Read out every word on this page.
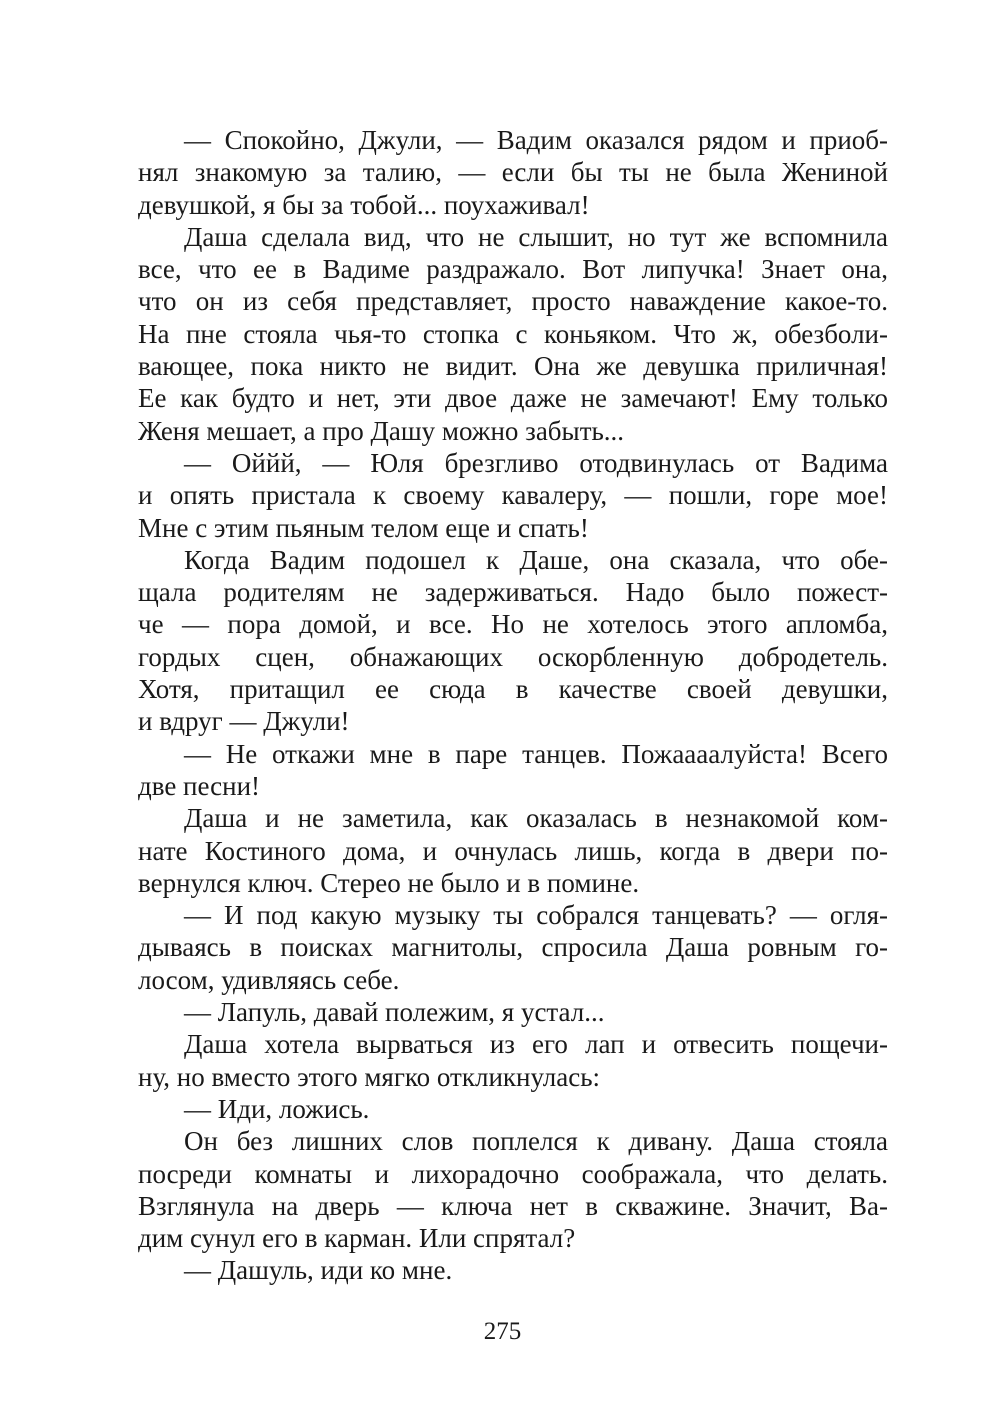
— Спокойно, Джули, — Вадим оказался рядом и приоб-
нял знакомую за талию, — если бы ты не была Жениной
девушкой, я бы за тобой... поухаживал!

Даша сделала вид, что не слышит, но тут же вспомнила
все, что ее в Вадиме раздражало. Вот липучка! Знает она,
что он из себя представляет, просто наваждение какое-то.
На пне стояла чья-то стопка с коньяком. Что ж, обезболи-
вающее, пока никто не видит. Она же девушка приличная!
Ее как будто и нет, эти двое даже не замечают! Ему только
Женя мешает, а про Дашу можно забыть...

— Оййй, — Юля брезгливо отодвинулась от Вадима
и опять пристала к своему кавалеру, — пошли, горе мое!
Мне с этим пьяным телом еще и спать!

Когда Вадим подошел к Даше, она сказала, что обе-
щала родителям не задерживаться. Надо было пожест-
че — пора домой, и все. Но не хотелось этого апломба,
гордых сцен, обнажающих оскорбленную добродетель.
Хотя, притащил ее сюда в качестве своей девушки,
и вдруг — Джули!

— Не откажи мне в паре танцев. Пожаааалуйста! Всего
две песни!

Даша и не заметила, как оказалась в незнакомой ком-
нате Костиного дома, и очнулась лишь, когда в двери по-
вернулся ключ. Стерео не было и в помине.

— И под какую музыку ты собрался танцевать? — огля-
дываясь в поисках магнитолы, спросила Даша ровным го-
лосом, удивляясь себе.

— Лапуль, давай полежим, я устал...

Даша хотела вырваться из его лап и отвесить пощечи-
ну, но вместо этого мягко откликнулась:

— Иди, ложись.

Он без лишних слов поплелся к дивану. Даша стояла
посреди комнаты и лихорадочно соображала, что делать.
Взглянула на дверь — ключа нет в скважине. Значит, Ва-
дим сунул его в карман. Или спрятал?

— Дашуль, иди ко мне.

275
